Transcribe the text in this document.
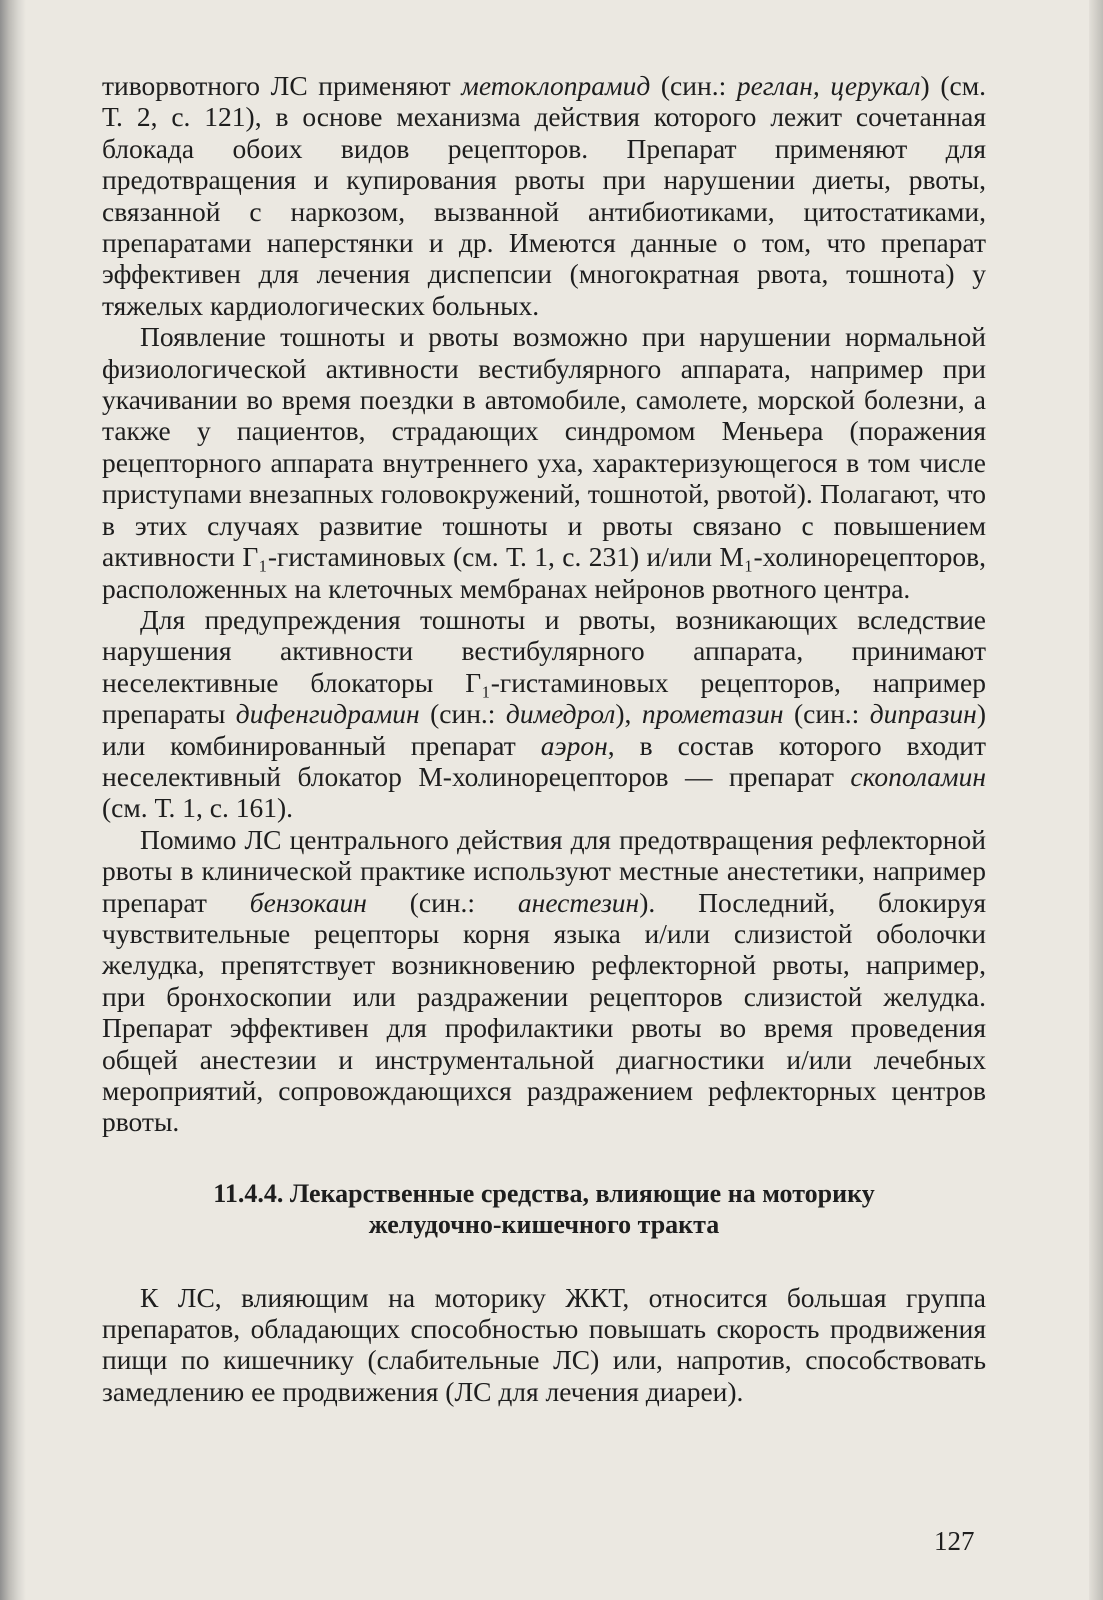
тиворвотного ЛС применяют метоклопрамид (син.: реглан, церукал) (см. Т. 2, с. 121), в основе механизма действия которого лежит сочетанная блокада обоих видов рецепторов. Препарат применяют для предотвращения и купирования рвоты при нарушении диеты, рвоты, связанной с наркозом, вызванной антибиотиками, цитостатиками, препаратами наперстянки и др. Имеются данные о том, что препарат эффективен для лечения диспепсии (многократная рвота, тошнота) у тяжелых кардиологических больных.

Появление тошноты и рвоты возможно при нарушении нормальной физиологической активности вестибулярного аппарата, например при укачивании во время поездки в автомобиле, самолете, морской болезни, а также у пациентов, страдающих синдромом Меньера (поражения рецепторного аппарата внутреннего уха, характеризующегося в том числе приступами внезапных головокружений, тошнотой, рвотой). Полагают, что в этих случаях развитие тошноты и рвоты связано с повышением активности Г₁-гистаминовых (см. Т. 1, с. 231) и/или М₁-холинорецепторов, расположенных на клеточных мембранах нейронов рвотного центра.

Для предупреждения тошноты и рвоты, возникающих вследствие нарушения активности вестибулярного аппарата, принимают неселективные блокаторы Г₁-гистаминовых рецепторов, например препараты дифенгидрамин (син.: димедрол), прометазин (син.: дипразин) или комбинированный препарат аэрон, в состав которого входит неселективный блокатор М-холинорецепторов — препарат скополамин (см. Т. 1, с. 161).

Помимо ЛС центрального действия для предотвращения рефлекторной рвоты в клинической практике используют местные анестетики, например препарат бензокаин (син.: анестезин). Последний, блокируя чувствительные рецепторы корня языка и/или слизистой оболочки желудка, препятствует возникновению рефлекторной рвоты, например, при бронхоскопии или раздражении рецепторов слизистой желудка. Препарат эффективен для профилактики рвоты во время проведения общей анестезии и инструментальной диагностики и/или лечебных мероприятий, сопровождающихся раздражением рефлекторных центров рвоты.

11.4.4. Лекарственные средства, влияющие на моторику
желудочно-кишечного тракта

К ЛС, влияющим на моторику ЖКТ, относится большая группа препаратов, обладающих способностью повышать скорость продвижения пищи по кишечнику (слабительные ЛС) или, напротив, способствовать замедлению ее продвижения (ЛС для лечения диареи).

127
